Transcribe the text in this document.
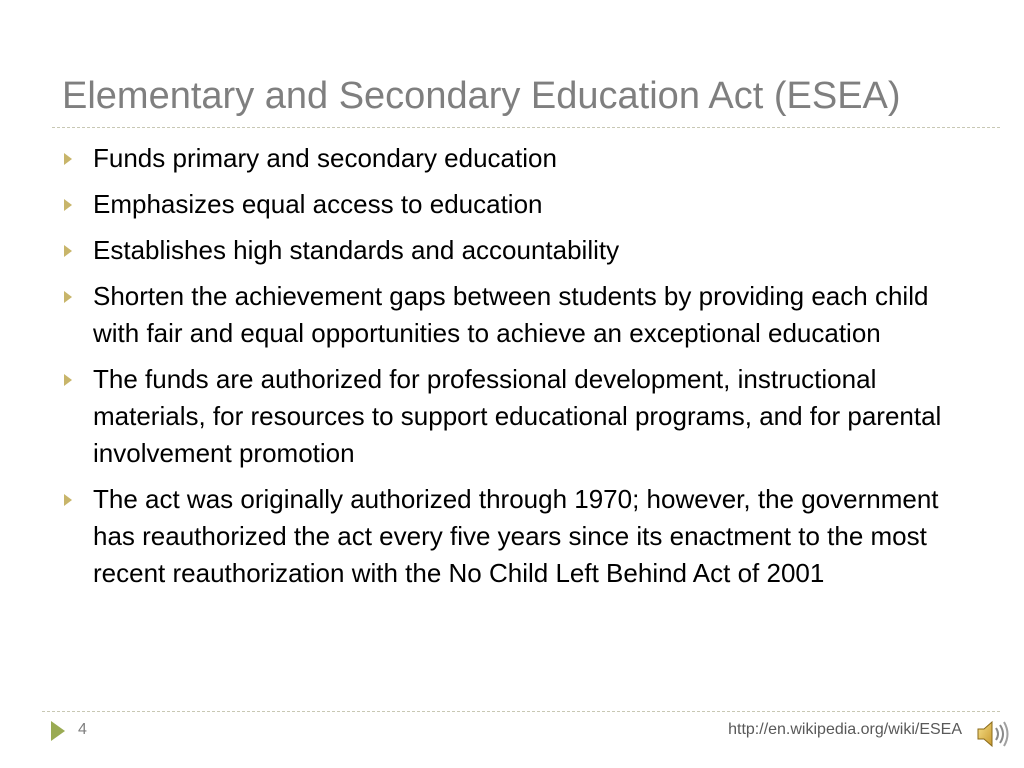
Elementary and Secondary Education Act (ESEA)
Funds primary and secondary education
Emphasizes equal access to education
Establishes high standards and accountability
Shorten the achievement gaps between students by providing each child with fair and equal opportunities to achieve an exceptional education
The funds are authorized for professional development, instructional materials, for resources to support educational programs, and for parental involvement promotion
The act was originally authorized through 1970; however, the government has reauthorized the act every five years since its enactment to the most recent reauthorization with the No Child Left Behind Act of 2001
4	http://en.wikipedia.org/wiki/ESEA
